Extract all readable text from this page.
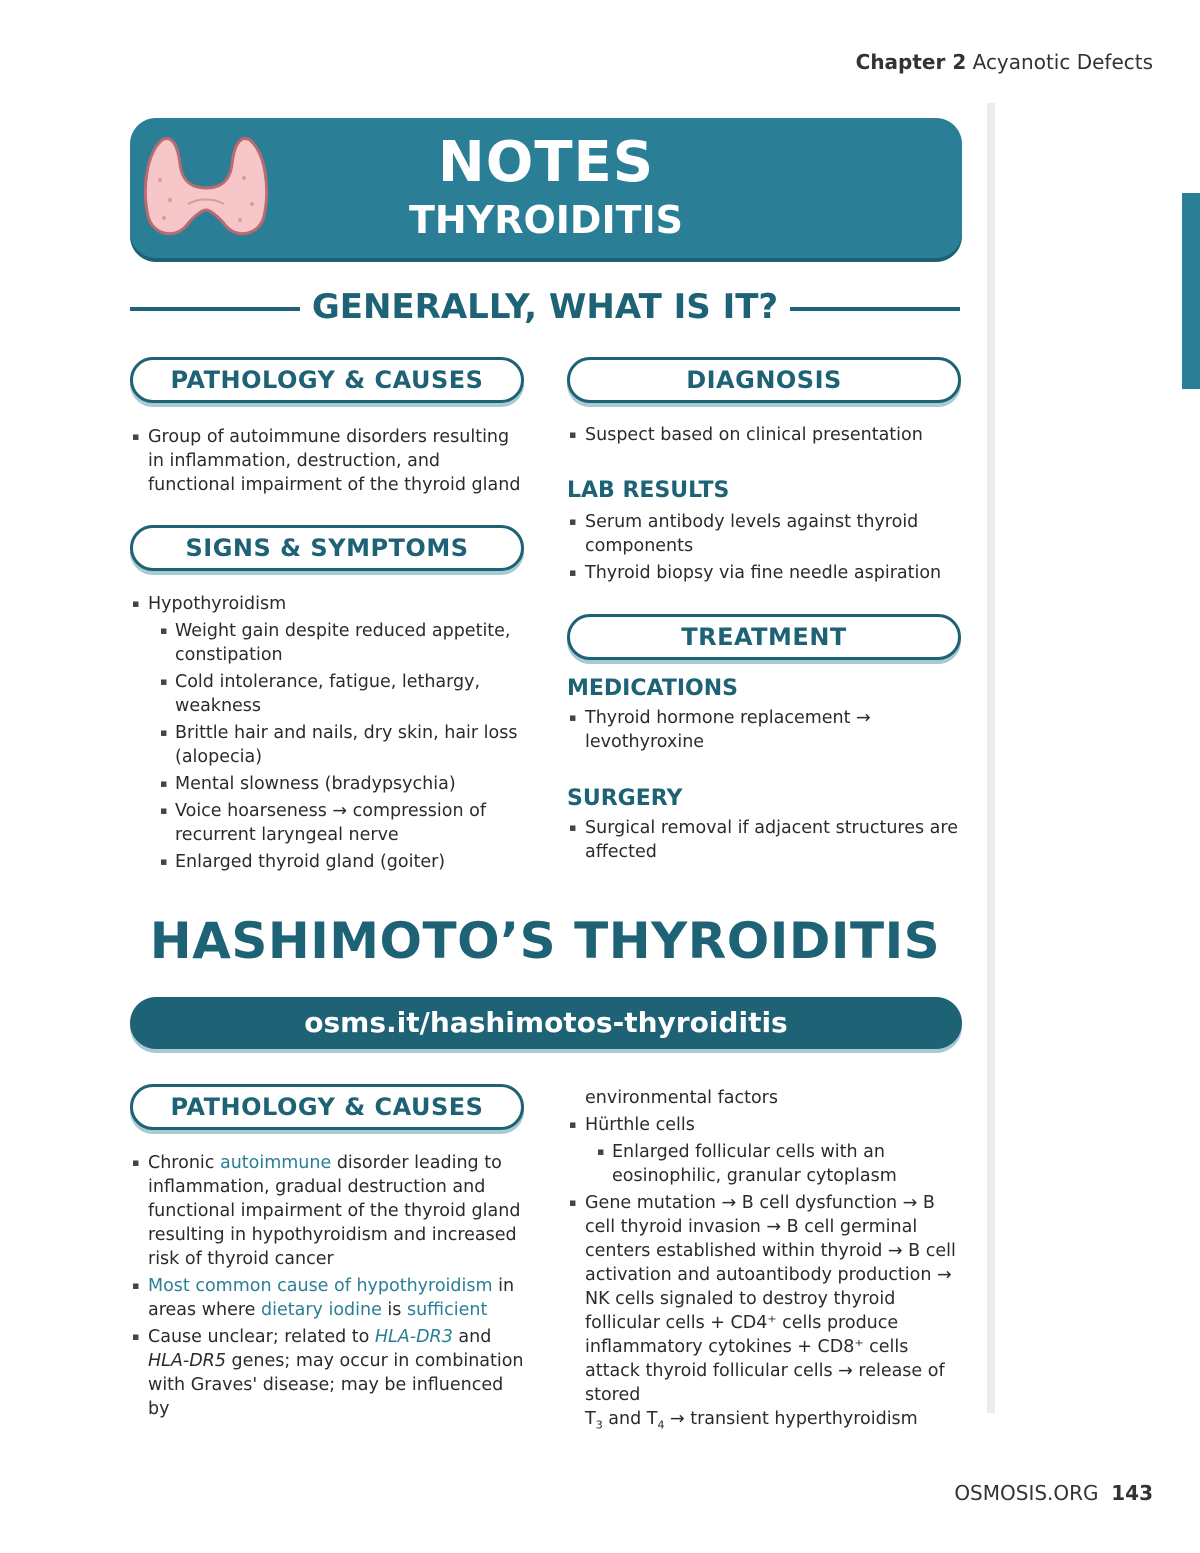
Chapter 2 Acyanotic Defects
NOTES
THYROIDITIS
GENERALLY, WHAT IS IT?
PATHOLOGY & CAUSES	DIAGNOSIS
▪ Group of autoimmune disorders resulting in inflammation, destruction, and functional impairment of the thyroid gland
▪ Suspect based on clinical presentation
LAB RESULTS
▪ Serum antibody levels against thyroid components
▪ Thyroid biopsy via fine needle aspiration
SIGNS & SYMPTOMS
▪ Hypothyroidism
▪ Weight gain despite reduced appetite, constipation
▪ Cold intolerance, fatigue, lethargy, weakness
▪ Brittle hair and nails, dry skin, hair loss (alopecia)
▪ Mental slowness (bradypsychia)
▪ Voice hoarseness → compression of recurrent laryngeal nerve
▪ Enlarged thyroid gland (goiter)
TREATMENT
MEDICATIONS
▪ Thyroid hormone replacement → levothyroxine
SURGERY
▪ Surgical removal if adjacent structures are affected
HASHIMOTO’S THYROIDITIS
osms.it/hashimotos-thyroiditis
PATHOLOGY & CAUSES
▪ Chronic autoimmune disorder leading to inflammation, gradual destruction and functional impairment of the thyroid gland resulting in hypothyroidism and increased risk of thyroid cancer
▪ Most common cause of hypothyroidism in areas where dietary iodine is sufficient
▪ Cause unclear; related to HLA-DR3 and HLA-DR5 genes; may occur in combination with Graves' disease; may be influenced by
environmental factors
▪ Hürthle cells
▪ Enlarged follicular cells with an eosinophilic, granular cytoplasm
▪ Gene mutation → B cell dysfunction → B cell thyroid invasion → B cell germinal centers established within thyroid → B cell activation and autoantibody production → NK cells signaled to destroy thyroid follicular cells + CD4⁺ cells produce inflammatory cytokines + CD8⁺ cells attack thyroid follicular cells → release of stored
$T_3$ and $T_4$ → transient hyperthyroidism
OSMOSIS.ORG 143
